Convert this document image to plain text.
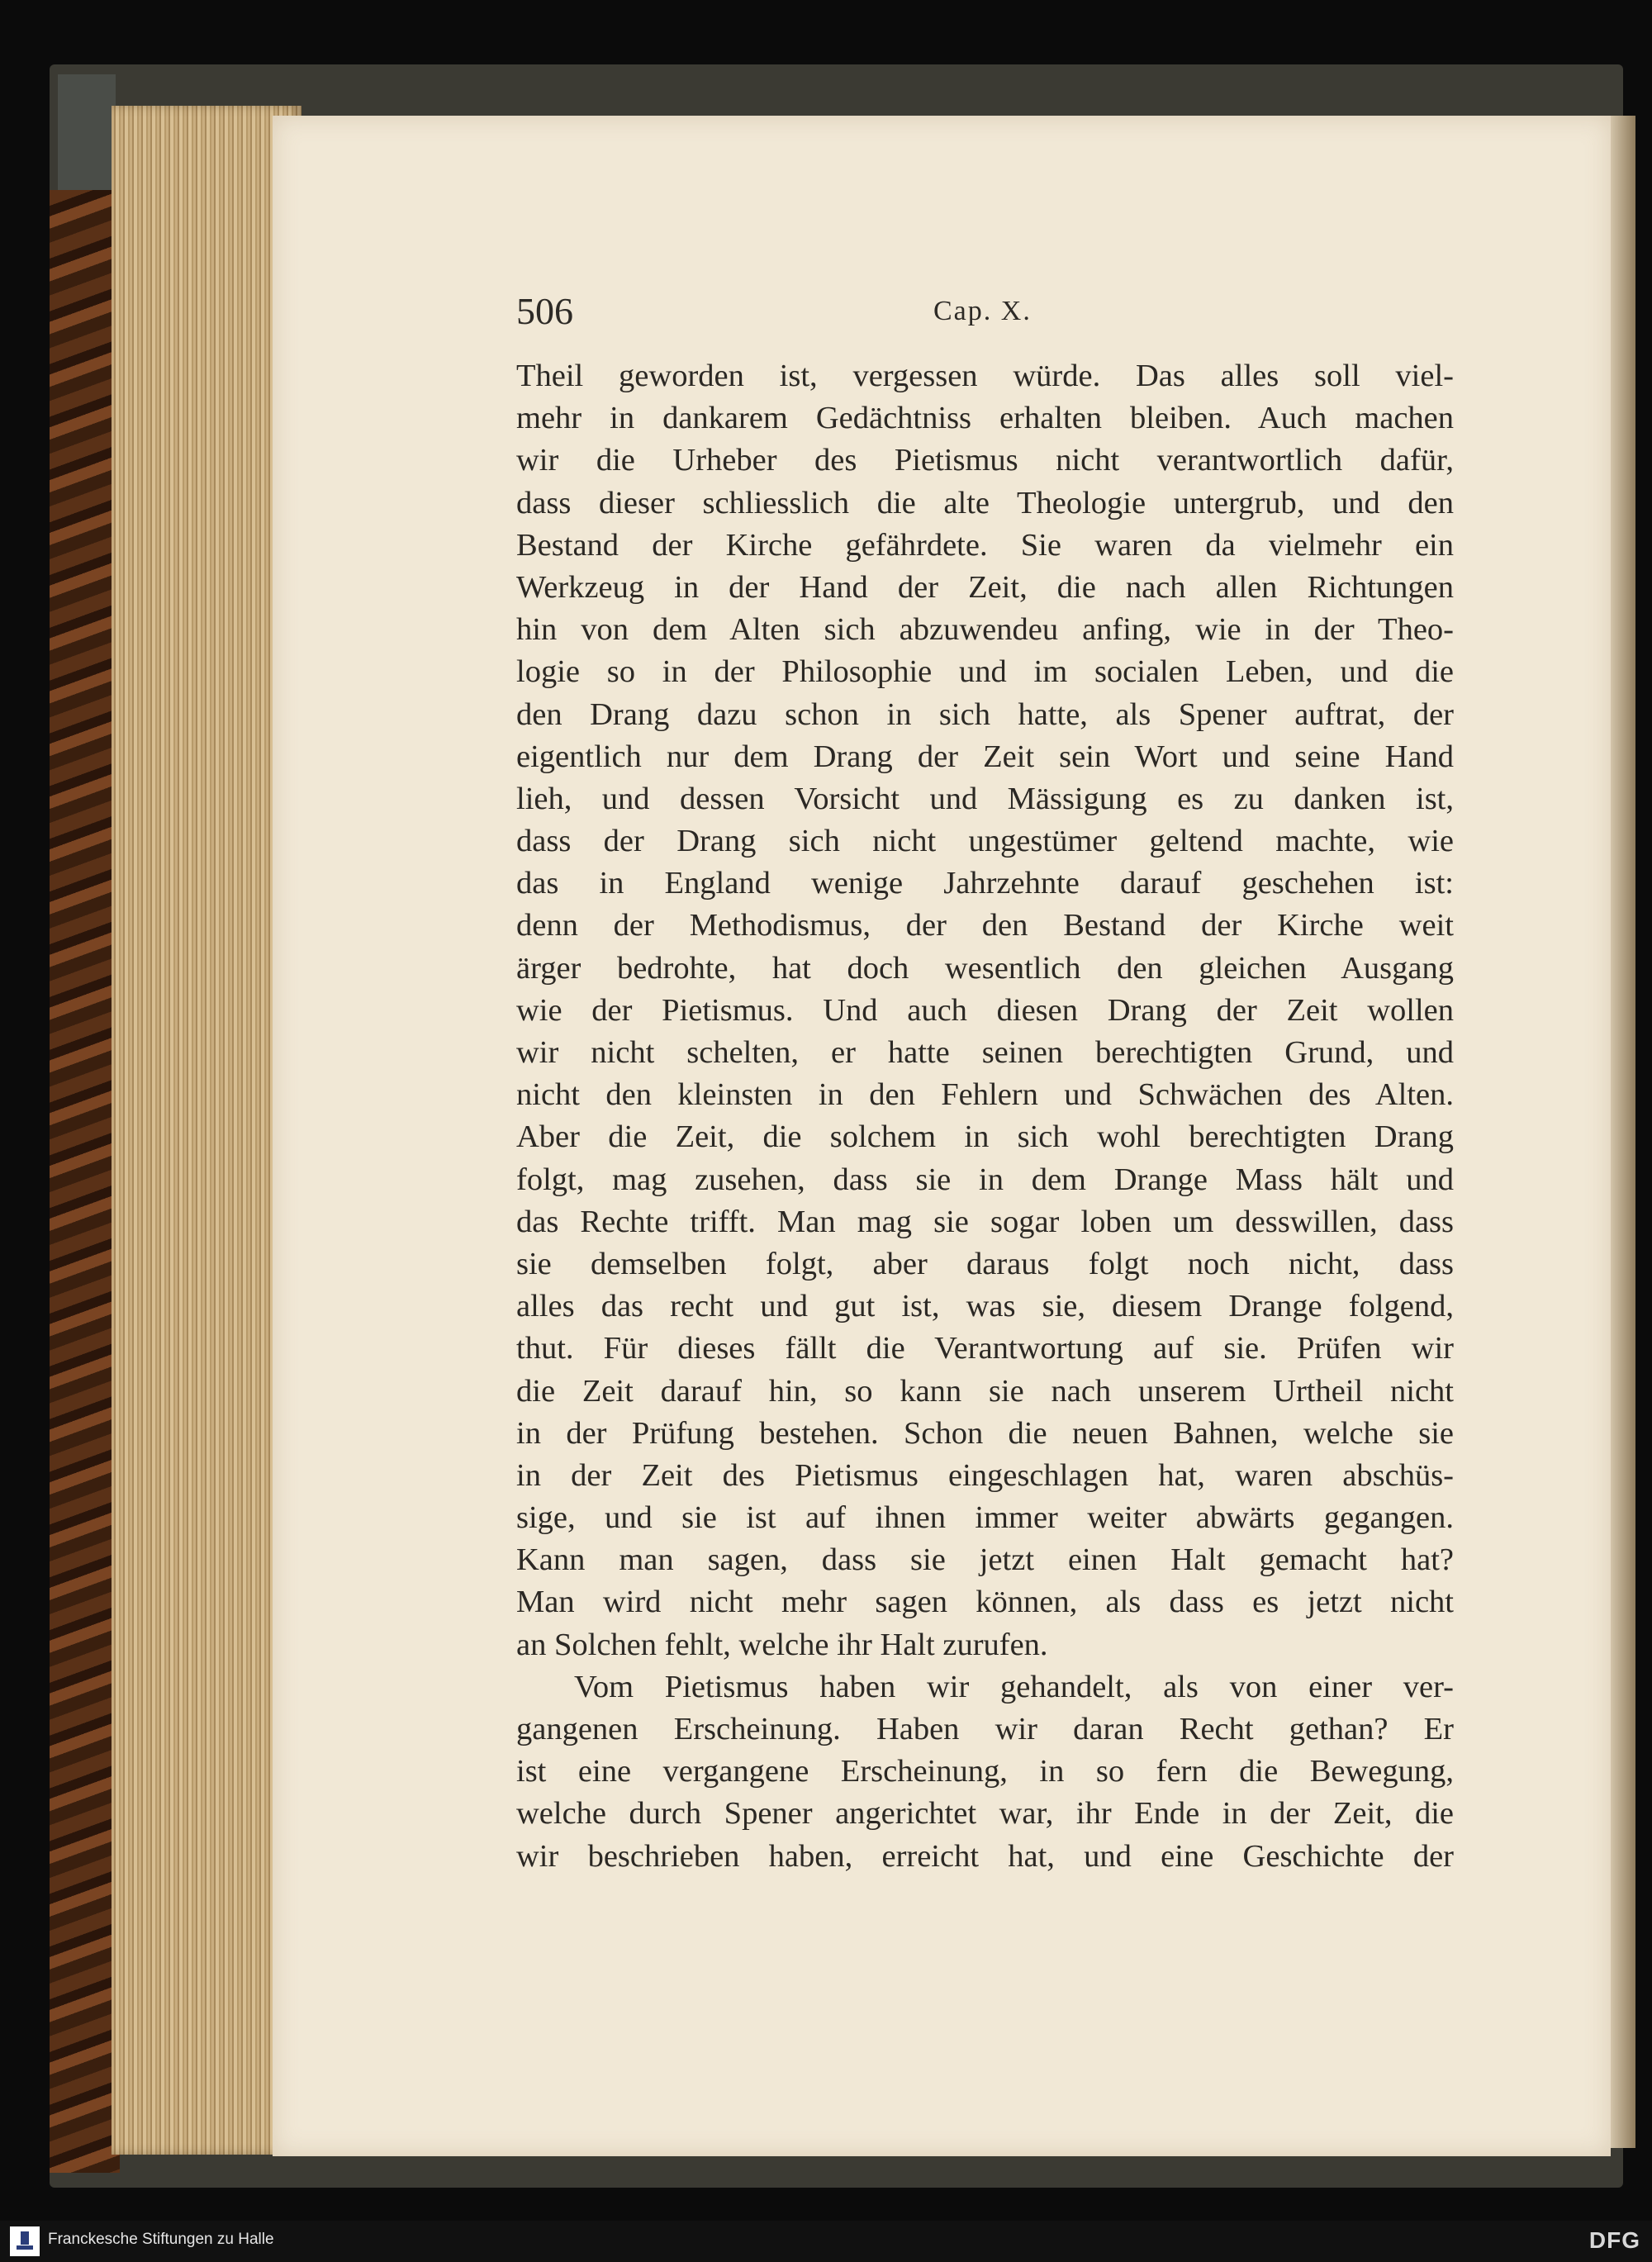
506	Cap. X.
Theil geworden ist, vergessen würde. Das alles soll viel-
mehr in dankarem Gedächtniss erhalten bleiben. Auch machen
wir die Urheber des Pietismus nicht verantwortlich dafür,
dass dieser schliesslich die alte Theologie untergrub, und den
Bestand der Kirche gefährdete. Sie waren da vielmehr ein
Werkzeug in der Hand der Zeit, die nach allen Richtungen
hin von dem Alten sich abzuwendeu anfing, wie in der Theo-
logie so in der Philosophie und im socialen Leben, und die
den Drang dazu schon in sich hatte, als Spener auftrat, der
eigentlich nur dem Drang der Zeit sein Wort und seine Hand
lieh, und dessen Vorsicht und Mässigung es zu danken ist,
dass der Drang sich nicht ungestümer geltend machte, wie
das in England wenige Jahrzehnte darauf geschehen ist:
denn der Methodismus, der den Bestand der Kirche weit
ärger bedrohte, hat doch wesentlich den gleichen Ausgang
wie der Pietismus. Und auch diesen Drang der Zeit wollen
wir nicht schelten, er hatte seinen berechtigten Grund, und
nicht den kleinsten in den Fehlern und Schwächen des Alten.
Aber die Zeit, die solchem in sich wohl berechtigten Drang
folgt, mag zusehen, dass sie in dem Drange Mass hält und
das Rechte trifft. Man mag sie sogar loben um desswillen, dass
sie demselben folgt, aber daraus folgt noch nicht, dass
alles das recht und gut ist, was sie, diesem Drange folgend,
thut. Für dieses fällt die Verantwortung auf sie. Prüfen wir
die Zeit darauf hin, so kann sie nach unserem Urtheil nicht
in der Prüfung bestehen. Schon die neuen Bahnen, welche sie
in der Zeit des Pietismus eingeschlagen hat, waren abschüs-
sige, und sie ist auf ihnen immer weiter abwärts gegangen.
Kann man sagen, dass sie jetzt einen Halt gemacht hat?
Man wird nicht mehr sagen können, als dass es jetzt nicht
an Solchen fehlt, welche ihr Halt zurufen.
Vom Pietismus haben wir gehandelt, als von einer ver-
gangenen Erscheinung. Haben wir daran Recht gethan? Er
ist eine vergangene Erscheinung, in so fern die Bewegung,
welche durch Spener angerichtet war, ihr Ende in der Zeit, die
wir beschrieben haben, erreicht hat, und eine Geschichte der
Franckesche Stiftungen zu Halle	DFG
